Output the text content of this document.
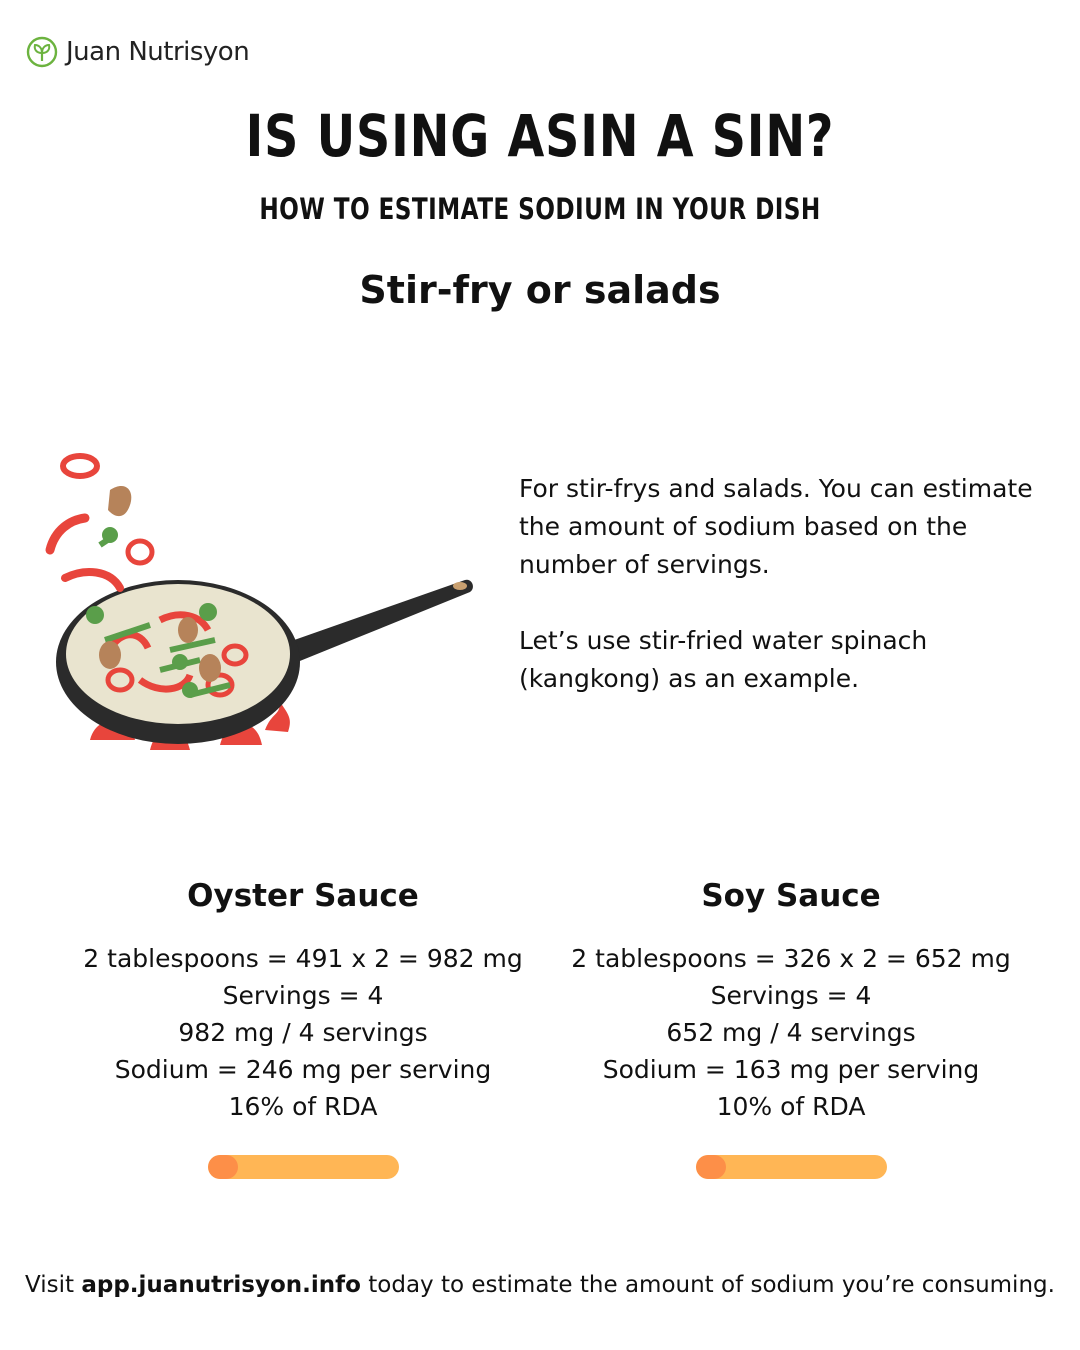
Juan Nutrisyon
IS USING ASIN A SIN?
HOW TO ESTIMATE SODIUM IN YOUR DISH
Stir-fry or salads

For stir-frys and salads. You can estimate the amount of sodium based on the number of servings.

Let’s use stir-fried water spinach (kangkong) as an example.

Oyster Sauce
2 tablespoons = 491 x 2 = 982 mg
Servings = 4
982 mg / 4 servings
Sodium = 246 mg per serving
16% of RDA
Soy Sauce
2 tablespoons = 326 x 2 = 652 mg
Servings = 4
652 mg / 4 servings
Sodium = 163 mg per serving
10% of RDA
Visit app.juanutrisyon.info today to estimate the amount of sodium you’re consuming.
